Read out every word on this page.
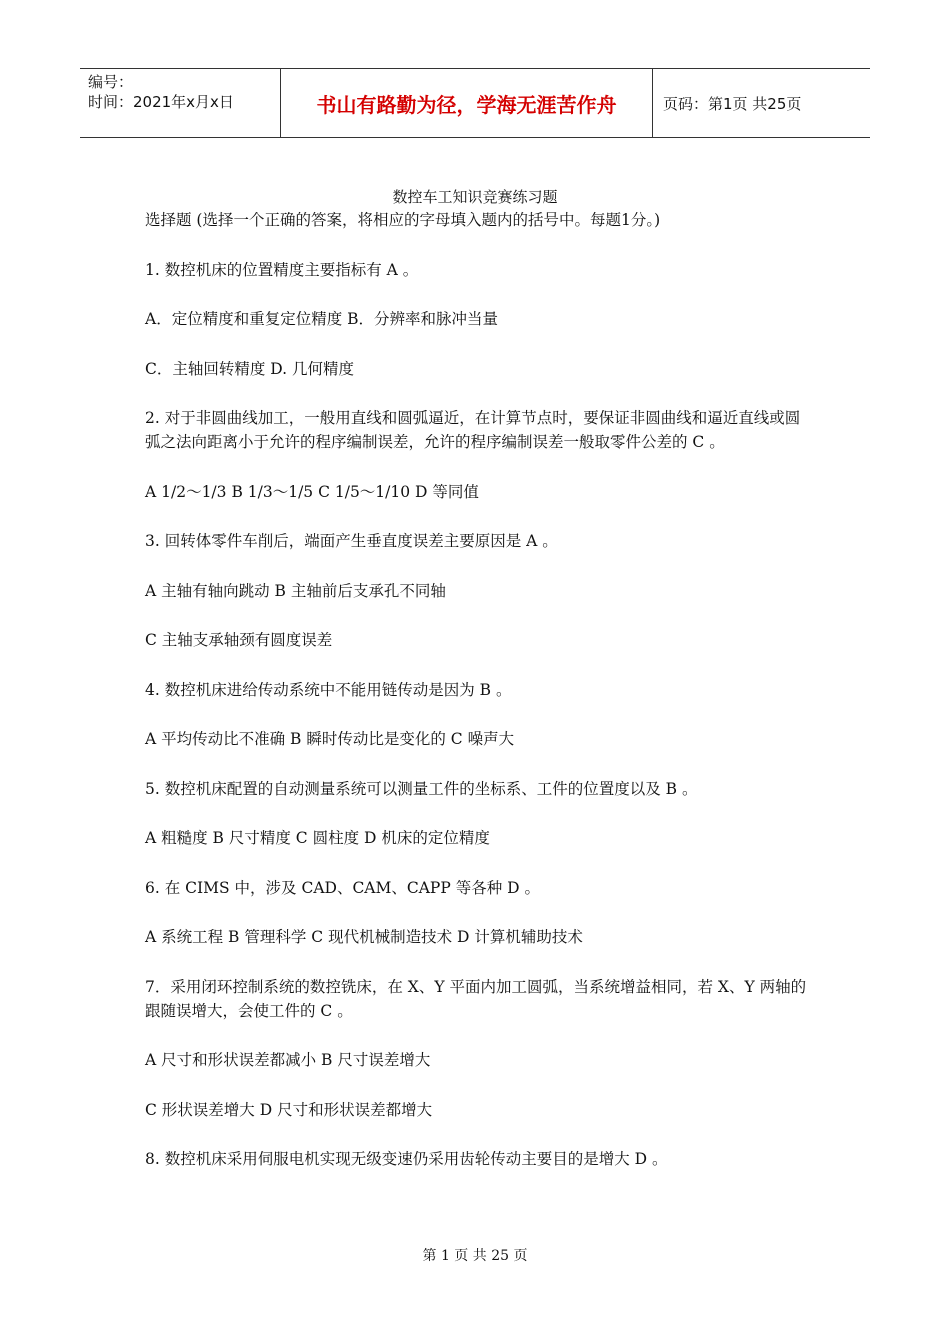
编号：
时间：2021年x月x日	书山有路勤为径，学海无涯苦作舟	页码：第1页 共25页
数控车工知识竞赛练习题

选择题 (选择一个正确的答案，将相应的字母填入题内的括号中。每题1分。)

1. 数控机床的位置精度主要指标有 A 。

A．定位精度和重复定位精度 B．分辨率和脉冲当量

C．主轴回转精度 D. 几何精度

2. 对于非圆曲线加工，一般用直线和圆弧逼近，在计算节点时，要保证非圆曲线和逼近直线或圆弧之法向距离小于允许的程序编制误差，允许的程序编制误差一般取零件公差的 C 。

A 1/2～1/3 B 1/3～1/5 C 1/5～1/10 D 等同值

3. 回转体零件车削后，端面产生垂直度误差主要原因是 A 。

A 主轴有轴向跳动 B 主轴前后支承孔不同轴

C 主轴支承轴颈有圆度误差

4. 数控机床进给传动系统中不能用链传动是因为 B 。

A 平均传动比不准确 B 瞬时传动比是变化的 C 噪声大

5. 数控机床配置的自动测量系统可以测量工件的坐标系、工件的位置度以及 B 。

A 粗糙度 B 尺寸精度 C 圆柱度 D 机床的定位精度

6. 在 CIMS 中，涉及 CAD、CAM、CAPP 等各种 D 。

A 系统工程 B 管理科学 C 现代机械制造技术 D 计算机辅助技术

7．采用闭环控制系统的数控铣床，在 X、Y 平面内加工圆弧，当系统增益相同，若 X、Y 两轴的跟随误增大，会使工件的 C 。

A 尺寸和形状误差都减小 B 尺寸误差增大

C 形状误差增大 D 尺寸和形状误差都增大

8. 数控机床采用伺服电机实现无级变速仍采用齿轮传动主要目的是增大 D 。

第 1 页 共 25 页
